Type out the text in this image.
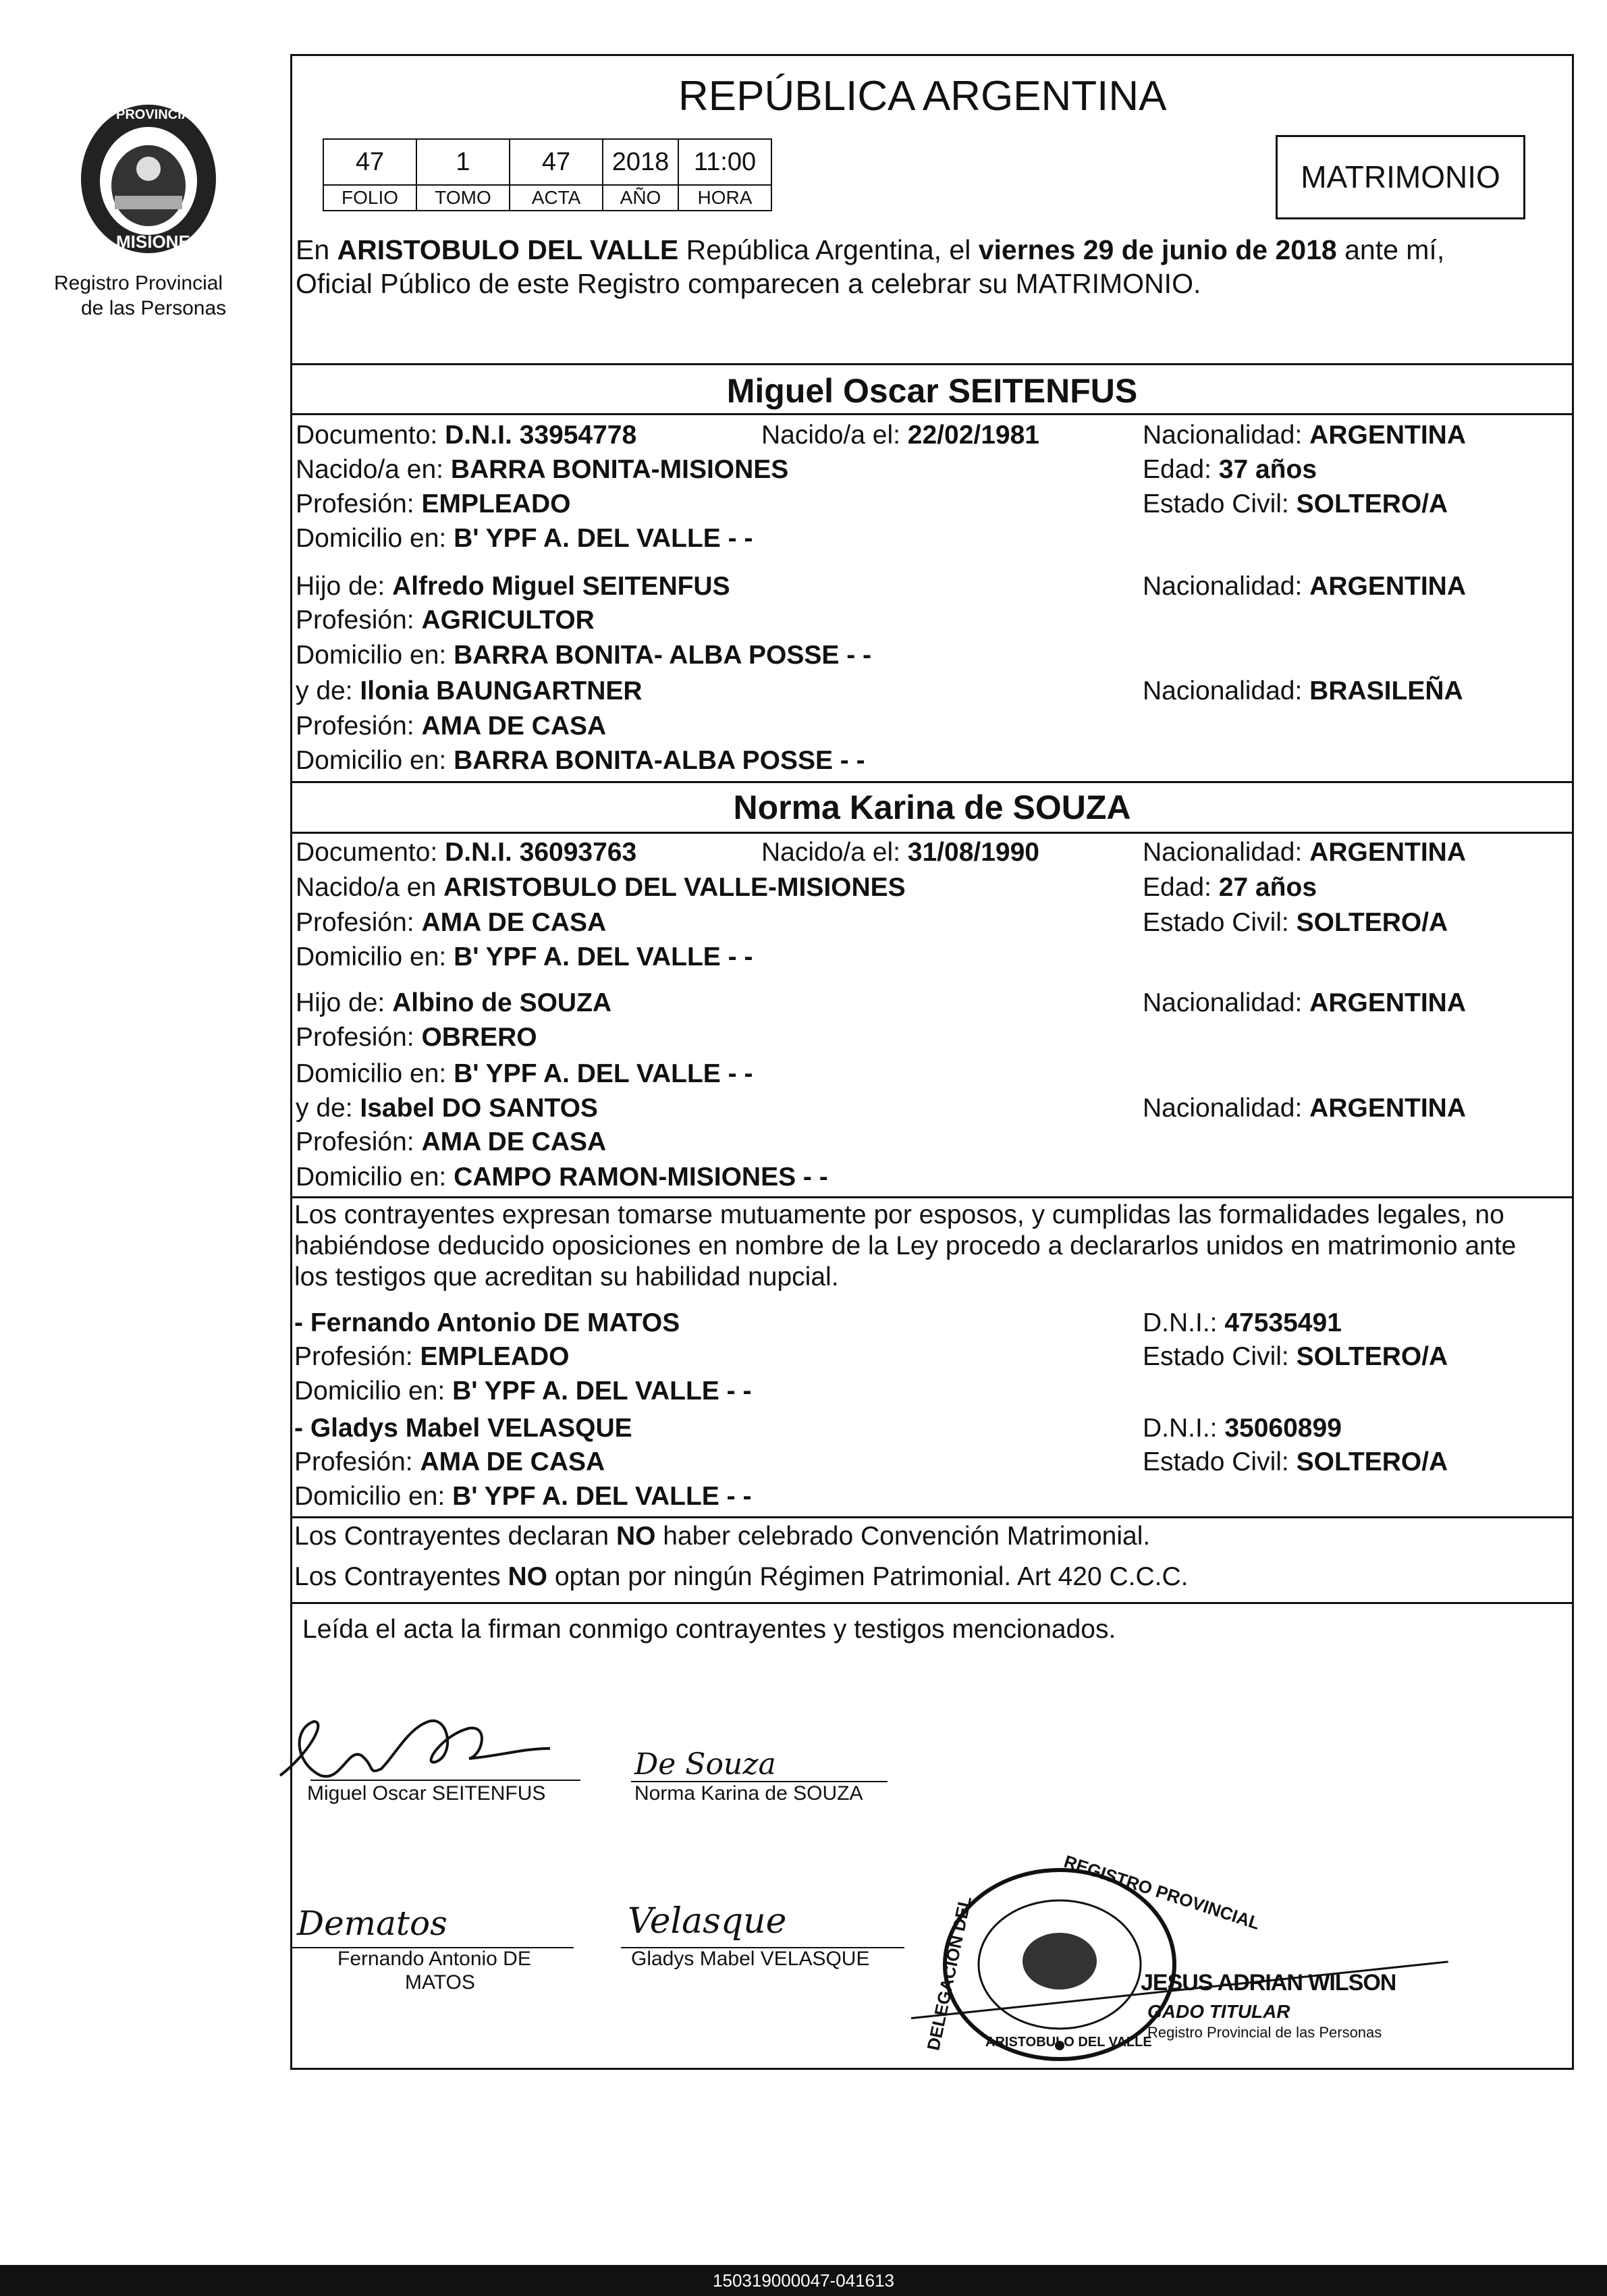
PROVINCIA DE
MISIONES
Registro Provincial
de las Personas
REPÚBLICA ARGENTINA
47	1	47	2018	11:00
FOLIO	TOMO	ACTA	AÑO	HORA
MATRIMONIO
En ARISTOBULO DEL VALLE República Argentina, el viernes 29 de junio de 2018 ante mí,
Oficial Público de este Registro comparecen a celebrar su MATRIMONIO.
Miguel Oscar SEITENFUS
Documento: D.N.I. 33954778	Nacido/a el: 22/02/1981	Nacionalidad: ARGENTINA
Nacido/a en: BARRA BONITA-MISIONES	Edad: 37 años
Profesión: EMPLEADO	Estado Civil: SOLTERO/A
Domicilio en: B' YPF A. DEL VALLE - -
Hijo de: Alfredo Miguel SEITENFUS	Nacionalidad: ARGENTINA
Profesión: AGRICULTOR
Domicilio en: BARRA BONITA- ALBA POSSE - -
y de: Ilonia BAUNGARTNER	Nacionalidad: BRASILEÑA
Profesión: AMA DE CASA
Domicilio en: BARRA BONITA-ALBA POSSE - -
Norma Karina de SOUZA
Documento: D.N.I. 36093763	Nacido/a el: 31/08/1990	Nacionalidad: ARGENTINA
Nacido/a en ARISTOBULO DEL VALLE-MISIONES	Edad: 27 años
Profesión: AMA DE CASA	Estado Civil: SOLTERO/A
Domicilio en: B' YPF A. DEL VALLE - -
Hijo de: Albino de SOUZA	Nacionalidad: ARGENTINA
Profesión: OBRERO
Domicilio en: B' YPF A. DEL VALLE - -
y de: Isabel DO SANTOS	Nacionalidad: ARGENTINA
Profesión: AMA DE CASA
Domicilio en: CAMPO RAMON-MISIONES - -
Los contrayentes expresan tomarse mutuamente por esposos, y cumplidas las formalidades legales, no
habiéndose deducido oposiciones en nombre de la Ley procedo a declararlos unidos en matrimonio ante
los testigos que acreditan su habilidad nupcial.
- Fernando Antonio DE MATOS	D.N.I.: 47535491
Profesión: EMPLEADO	Estado Civil: SOLTERO/A
Domicilio en: B' YPF A. DEL VALLE - -
- Gladys Mabel VELASQUE	D.N.I.: 35060899
Profesión: AMA DE CASA	Estado Civil: SOLTERO/A
Domicilio en: B' YPF A. DEL VALLE - -
Los Contrayentes declaran NO haber celebrado Convención Matrimonial.
Los Contrayentes NO optan por ningún Régimen Patrimonial. Art 420 C.C.C.
Leída el acta la firman conmigo contrayentes y testigos mencionados.
Miguel Oscar SEITENFUS
De Souza
Norma Karina de SOUZA
Dematos
Fernando Antonio DE
MATOS
Velasque
Gladys Mabel VELASQUE
REGISTRO PROVINCIAL
DELEGACION DEL ARISTOBULO DEL VALLE
JESUS ADRIAN WILSON
GADO TITULAR
Registro Provincial de las Personas
150319000047-041613
